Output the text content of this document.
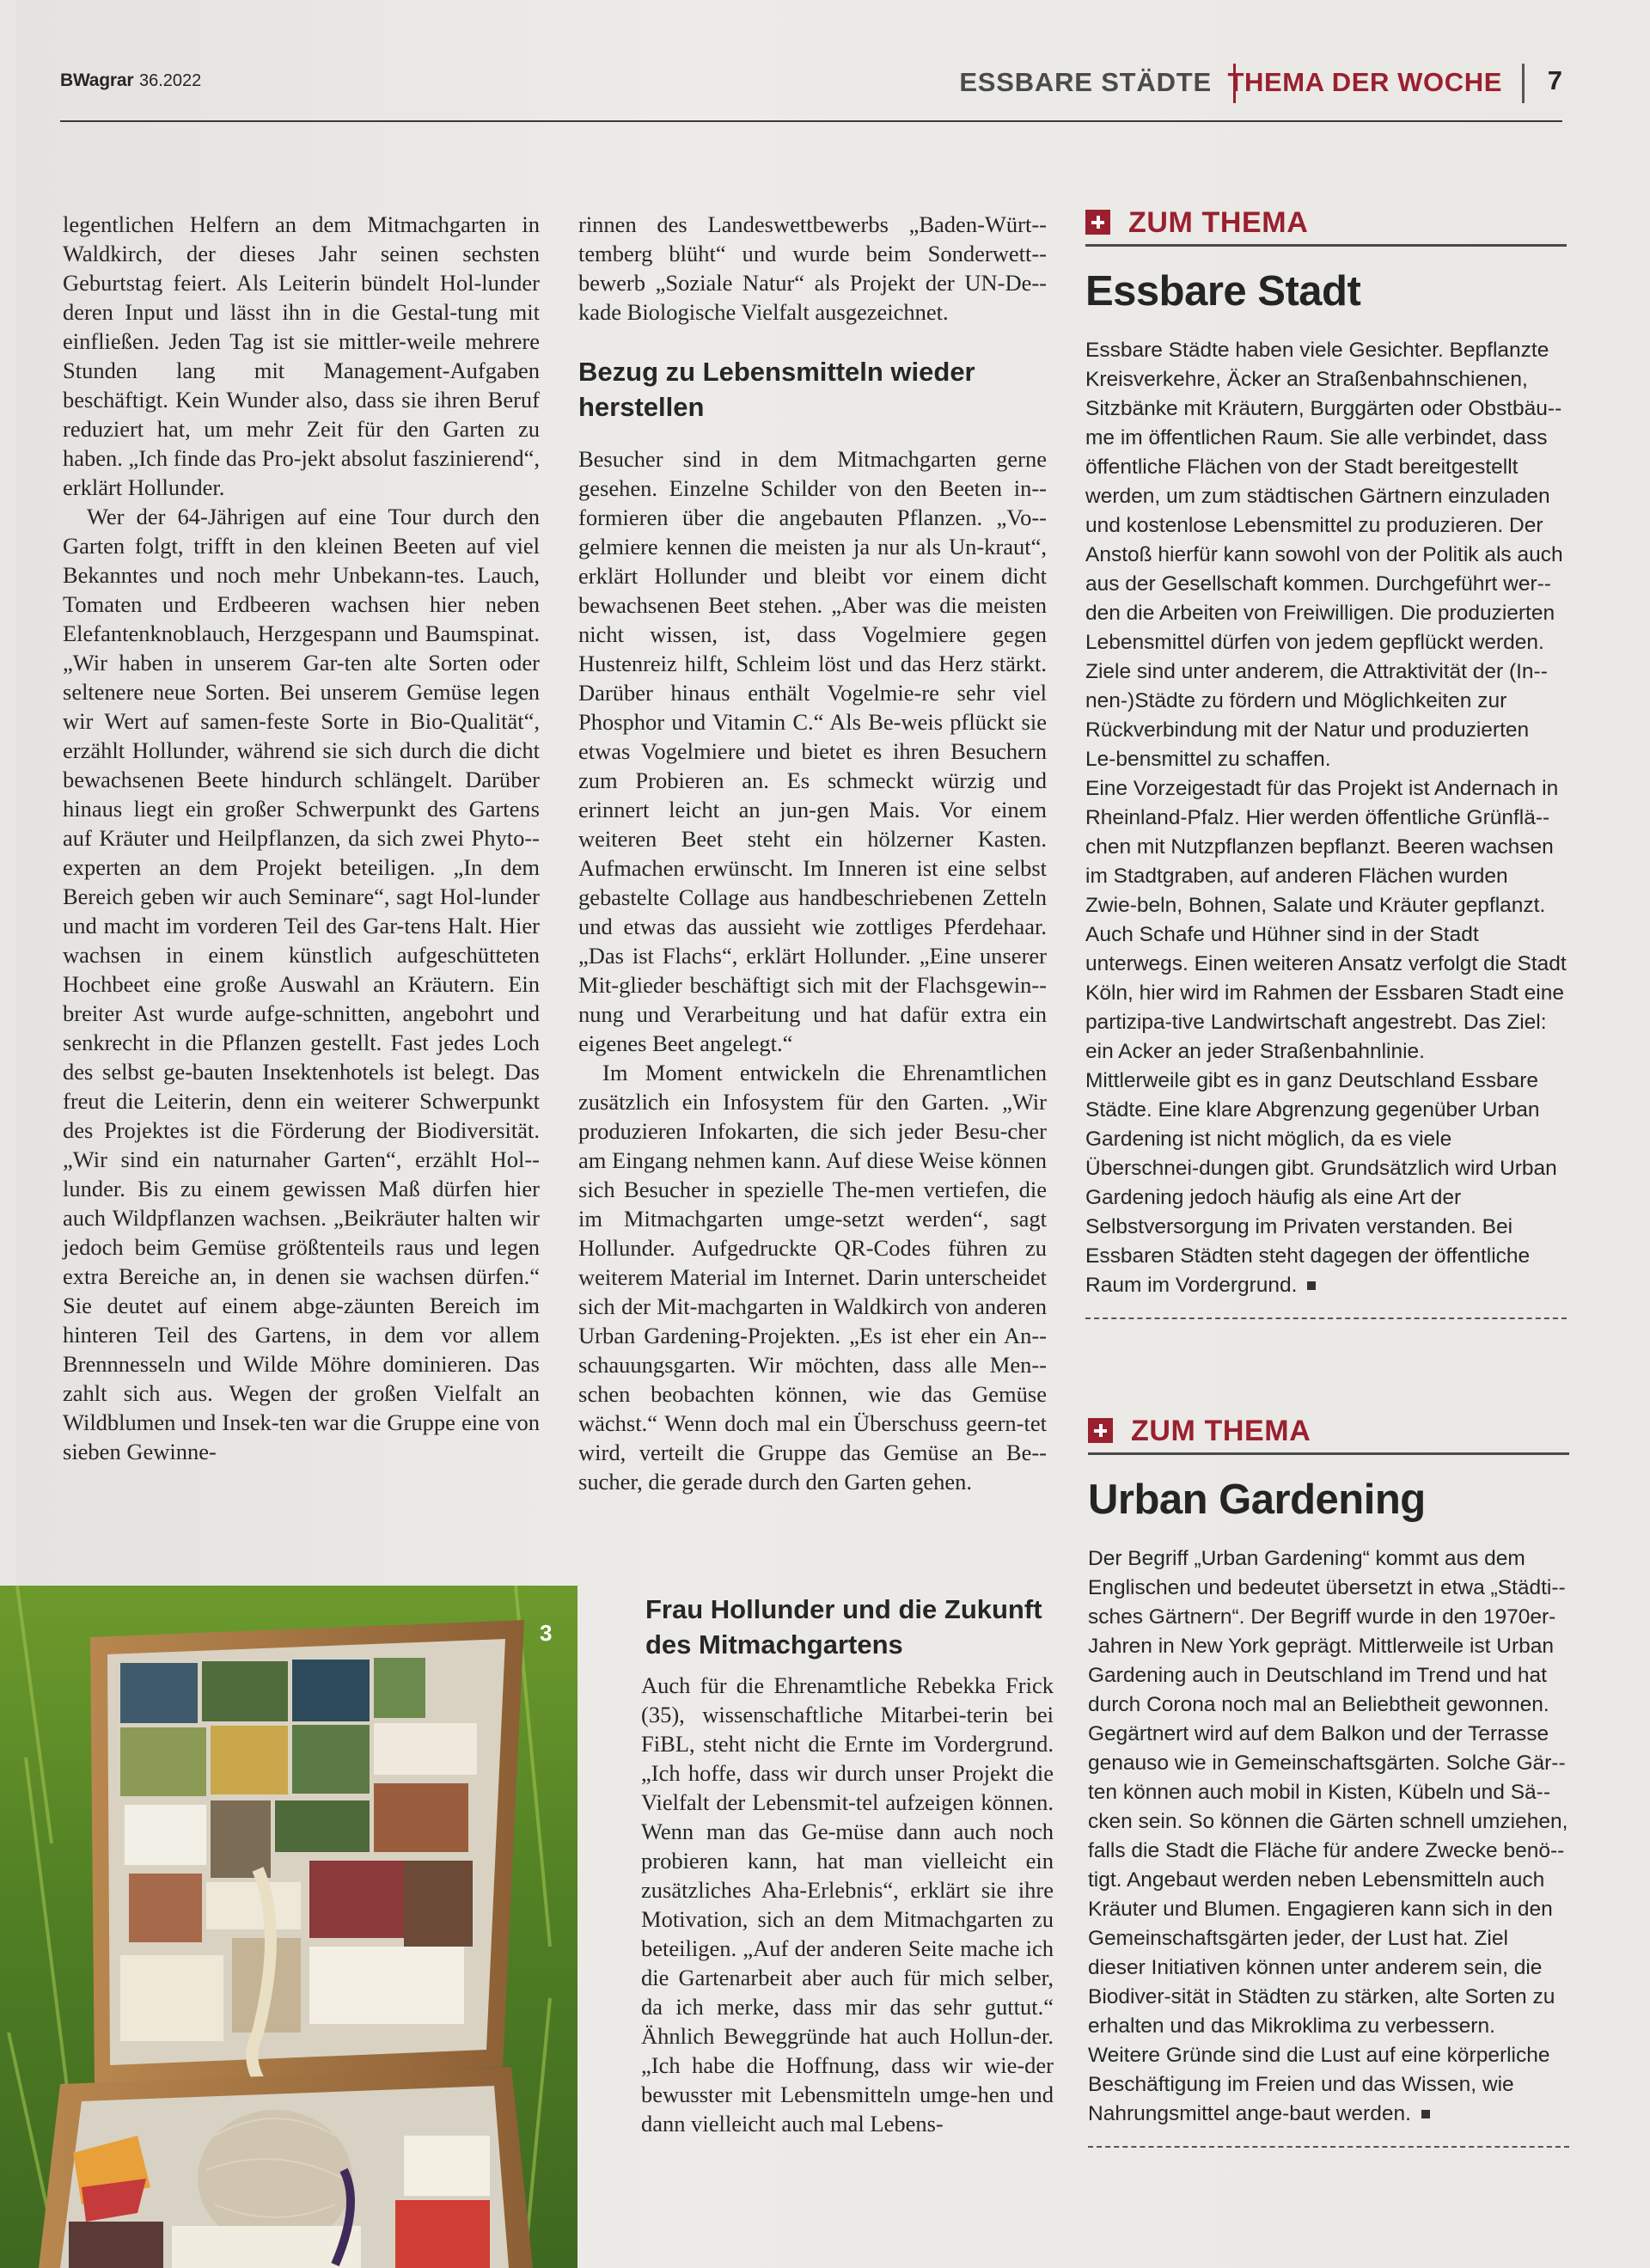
BWagrar 36.2022	ESSBARE STÄDTE THEMA DER WOCHE 7

legentlichen Helfern an dem Mitmachgarten in Waldkirch, der dieses Jahr seinen sechsten Geburtstag feiert. Als Leiterin bündelt Hol-lunder deren Input und lässt ihn in die Gestal-tung mit einfließen. Jeden Tag ist sie mittler-weile mehrere Stunden lang mit Management-Aufgaben beschäftigt. Kein Wunder also, dass sie ihren Beruf reduziert hat, um mehr Zeit für den Garten zu haben. „Ich finde das Pro-jekt absolut faszinierend“, erklärt Hollunder.

Wer der 64-Jährigen auf eine Tour durch den Garten folgt, trifft in den kleinen Beeten auf viel Bekanntes und noch mehr Unbekann-tes. Lauch, Tomaten und Erdbeeren wachsen hier neben Elefantenknoblauch, Herzgespann und Baumspinat. „Wir haben in unserem Gar-ten alte Sorten oder seltenere neue Sorten. Bei unserem Gemüse legen wir Wert auf samen-feste Sorte in Bio-Qualität“, erzählt Hollunder, während sie sich durch die dicht bewachsenen Beete hindurch schlängelt. Darüber hinaus liegt ein großer Schwerpunkt des Gartens auf Kräuter und Heilpflanzen, da sich zwei Phyto-experten an dem Projekt beteiligen. „In dem Bereich geben wir auch Seminare“, sagt Hol-lunder und macht im vorderen Teil des Gar-tens Halt. Hier wachsen in einem künstlich aufgeschütteten Hochbeet eine große Auswahl an Kräutern. Ein breiter Ast wurde aufge-schnitten, angebohrt und senkrecht in die Pflanzen gestellt. Fast jedes Loch des selbst ge-bauten Insektenhotels ist belegt. Das freut die Leiterin, denn ein weiterer Schwerpunkt des Projektes ist die Förderung der Biodiversität. „Wir sind ein naturnaher Garten“, erzählt Hol-lunder. Bis zu einem gewissen Maß dürfen hier auch Wildpflanzen wachsen. „Beikräuter halten wir jedoch beim Gemüse größtenteils raus und legen extra Bereiche an, in denen sie wachsen dürfen.“ Sie deutet auf einem abge-zäunten Bereich im hinteren Teil des Gartens, in dem vor allem Brennnesseln und Wilde Möhre dominieren. Das zahlt sich aus. Wegen der großen Vielfalt an Wildblumen und Insek-ten war die Gruppe eine von sieben Gewinne-

rinnen des Landeswettbewerbs „Baden-Würt-temberg blüht“ und wurde beim Sonderwett-bewerb „Soziale Natur“ als Projekt der UN-De-kade Biologische Vielfalt ausgezeichnet.

Bezug zu Lebensmitteln wieder herstellen

Besucher sind in dem Mitmachgarten gerne gesehen. Einzelne Schilder von den Beeten in-formieren über die angebauten Pflanzen. „Vo-gelmiere kennen die meisten ja nur als Un-kraut“, erklärt Hollunder und bleibt vor einem dicht bewachsenen Beet stehen. „Aber was die meisten nicht wissen, ist, dass Vogelmiere gegen Hustenreiz hilft, Schleim löst und das Herz stärkt. Darüber hinaus enthält Vogelmie-re sehr viel Phosphor und Vitamin C.“ Als Be-weis pflückt sie etwas Vogelmiere und bietet es ihren Besuchern zum Probieren an. Es schmeckt würzig und erinnert leicht an jun-gen Mais. Vor einem weiteren Beet steht ein hölzerner Kasten. Aufmachen erwünscht. Im Inneren ist eine selbst gebastelte Collage aus handbeschriebenen Zetteln und etwas das aussieht wie zottliges Pferdehaar. „Das ist Flachs“, erklärt Hollunder. „Eine unserer Mit-glieder beschäftigt sich mit der Flachsgewin-nung und Verarbeitung und hat dafür extra ein eigenes Beet angelegt.“

Im Moment entwickeln die Ehrenamtlichen zusätzlich ein Infosystem für den Garten. „Wir produzieren Infokarten, die sich jeder Besu-cher am Eingang nehmen kann. Auf diese Weise können sich Besucher in spezielle The-men vertiefen, die im Mitmachgarten umge-setzt werden“, sagt Hollunder. Aufgedruckte QR-Codes führen zu weiterem Material im Internet. Darin unterscheidet sich der Mit-machgarten in Waldkirch von anderen Urban Gardening-Projekten. „Es ist eher ein An-schauungsgarten. Wir möchten, dass alle Men-schen beobachten können, wie das Gemüse wächst.“ Wenn doch mal ein Überschuss geern-tet wird, verteilt die Gruppe das Gemüse an Be-sucher, die gerade durch den Garten gehen.

Frau Hollunder und die Zukunft des Mitmachgartens

Auch für die Ehrenamtliche Rebekka Frick (35), wissenschaftliche Mitarbei-terin bei FiBL, steht nicht die Ernte im Vordergrund. „Ich hoffe, dass wir durch unser Projekt die Vielfalt der Lebensmit-tel aufzeigen können. Wenn man das Ge-müse dann auch noch probieren kann, hat man vielleicht ein zusätzliches Aha-Erlebnis“, erklärt sie ihre Motivation, sich an dem Mitmachgarten zu beteiligen. „Auf der anderen Seite mache ich die Gartenarbeit aber auch für mich selber, da ich merke, dass mir das sehr guttut.“ Ähnlich Beweggründe hat auch Hollun-der. „Ich habe die Hoffnung, dass wir wie-der bewusster mit Lebensmitteln umge-hen und dann vielleicht auch mal Lebens-

ZUM THEMA
Essbare Stadt

Essbare Städte haben viele Gesichter. Bepflanzte Kreisverkehre, Äcker an Straßenbahnschienen, Sitzbänke mit Kräutern, Burggärten oder Obstbäu-me im öffentlichen Raum. Sie alle verbindet, dass öffentliche Flächen von der Stadt bereitgestellt werden, um zum städtischen Gärtnern einzuladen und kostenlose Lebensmittel zu produzieren. Der Anstoß hierfür kann sowohl von der Politik als auch aus der Gesellschaft kommen. Durchgeführt wer-den die Arbeiten von Freiwilligen. Die produzierten Lebensmittel dürfen von jedem gepflückt werden. Ziele sind unter anderem, die Attraktivität der (In-nen-)Städte zu fördern und Möglichkeiten zur Rückverbindung mit der Natur und produzierten Le-bensmittel zu schaffen.

Eine Vorzeigestadt für das Projekt ist Andernach in Rheinland-Pfalz. Hier werden öffentliche Grünflä-chen mit Nutzpflanzen bepflanzt. Beeren wachsen im Stadtgraben, auf anderen Flächen wurden Zwie-beln, Bohnen, Salate und Kräuter gepflanzt. Auch Schafe und Hühner sind in der Stadt unterwegs. Einen weiteren Ansatz verfolgt die Stadt Köln, hier wird im Rahmen der Essbaren Stadt eine partizipa-tive Landwirtschaft angestrebt. Das Ziel: ein Acker an jeder Straßenbahnlinie.

Mittlerweile gibt es in ganz Deutschland Essbare Städte. Eine klare Abgrenzung gegenüber Urban Gardening ist nicht möglich, da es viele Überschnei-dungen gibt. Grundsätzlich wird Urban Gardening jedoch häufig als eine Art der Selbstversorgung im Privaten verstanden. Bei Essbaren Städten steht dagegen der öffentliche Raum im Vordergrund.

ZUM THEMA
Urban Gardening

Der Begriff „Urban Gardening“ kommt aus dem Englischen und bedeutet übersetzt in etwa „Städti-sches Gärtnern“. Der Begriff wurde in den 1970er-Jahren in New York geprägt. Mittlerweile ist Urban Gardening auch in Deutschland im Trend und hat durch Corona noch mal an Beliebtheit gewonnen. Gegärtnert wird auf dem Balkon und der Terrasse genauso wie in Gemeinschaftsgärten. Solche Gär-ten können auch mobil in Kisten, Kübeln und Sä-cken sein. So können die Gärten schnell umziehen, falls die Stadt die Fläche für andere Zwecke benö-tigt. Angebaut werden neben Lebensmitteln auch Kräuter und Blumen. Engagieren kann sich in den Gemeinschaftsgärten jeder, der Lust hat. Ziel dieser Initiativen können unter anderem sein, die Biodiver-sität in Städten zu stärken, alte Sorten zu erhalten und das Mikroklima zu verbessern. Weitere Gründe sind die Lust auf eine körperliche Beschäftigung im Freien und das Wissen, wie Nahrungsmittel ange-baut werden.

3
